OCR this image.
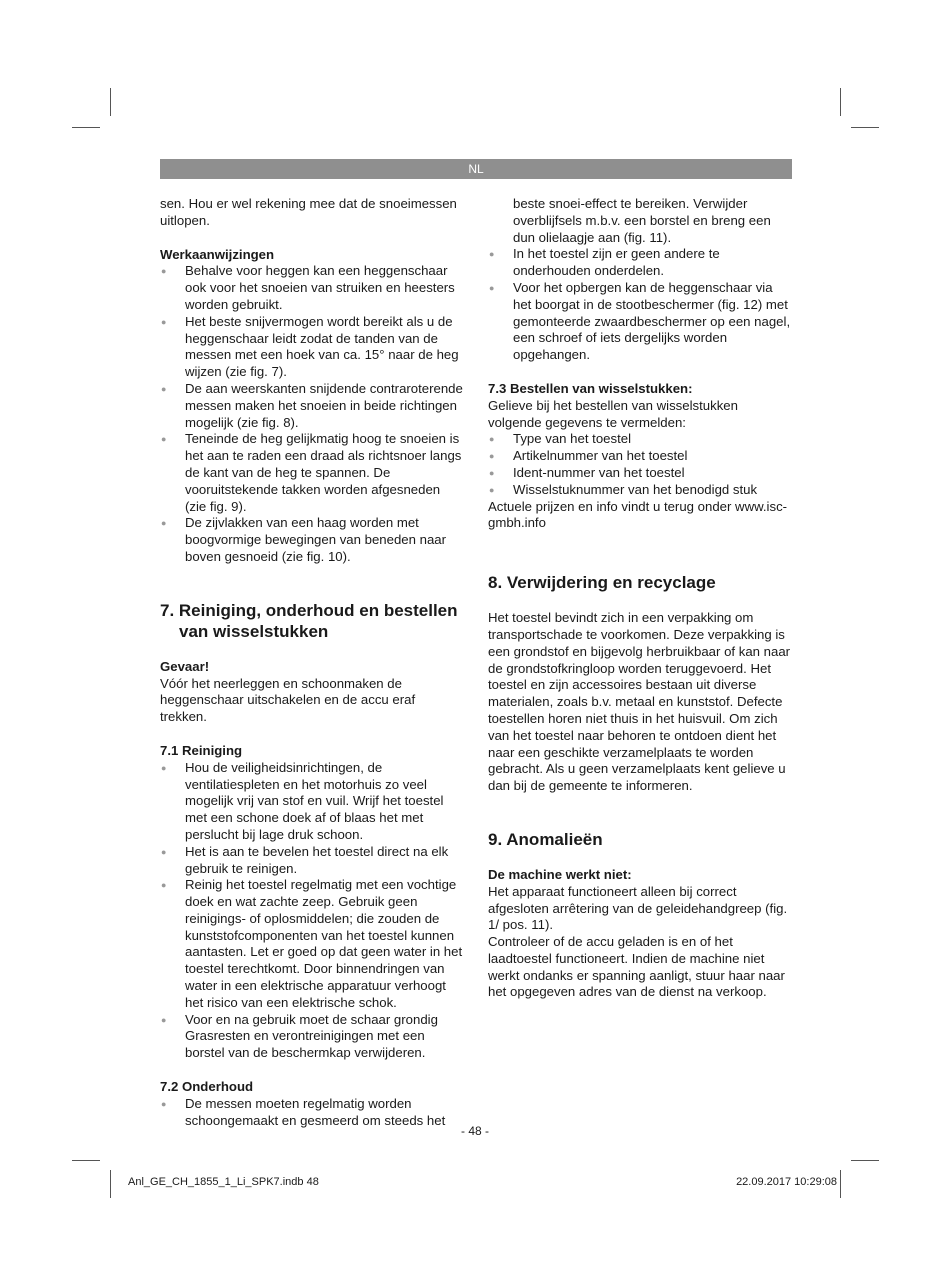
NL

sen. Hou er wel rekening mee dat de snoeimessen uitlopen.

Werkaanwijzingen

● Behalve voor heggen kan een heggenschaar ook voor het snoeien van struiken en heesters worden gebruikt.
● Het beste snijvermogen wordt bereikt als u de heggenschaar leidt zodat de tanden van de messen met een hoek van ca. 15° naar de heg wijzen (zie fig. 7).
● De aan weerskanten snijdende contraroterende messen maken het snoeien in beide richtingen mogelijk (zie fig. 8).
● Teneinde de heg gelijkmatig hoog te snoeien is het aan te raden een draad als richtsnoer langs de kant van de heg te spannen. De vooruitstekende takken worden afgesneden (zie fig. 9).
● De zijvlakken van een haag worden met boogvormige bewegingen van beneden naar boven gesnoeid (zie fig. 10).

7. Reiniging, onderhoud en bestellen van wisselstukken

Gevaar!

Vóór het neerleggen en schoonmaken de heggenschaar uitschakelen en de accu eraf trekken.

7.1 Reiniging

● Hou de veiligheidsinrichtingen, de ventilatiespleten en het motorhuis zo veel mogelijk vrij van stof en vuil. Wrijf het toestel met een schone doek af of blaas het met perslucht bij lage druk schoon.
● Het is aan te bevelen het toestel direct na elk gebruik te reinigen.
● Reinig het toestel regelmatig met een vochtige doek en wat zachte zeep. Gebruik geen reinigings- of oplosmiddelen; die zouden de kunststofcomponenten van het toestel kunnen aantasten. Let er goed op dat geen water in het toestel terechtkomt. Door binnendringen van water in een elektrische apparatuur verhoogt het risico van een elektrische schok.
● Voor en na gebruik moet de schaar grondig Grasresten en verontreinigingen met een borstel van de beschermkap verwijderen.

7.2 Onderhoud

● De messen moeten regelmatig worden schoongemaakt en gesmeerd om steeds het

beste snoei-effect te bereiken. Verwijder overblijfsels m.b.v. een borstel en breng een dun olielaagje aan (fig. 11).

● In het toestel zijn er geen andere te onderhouden onderdelen.
● Voor het opbergen kan de heggenschaar via het boorgat in de stootbeschermer (fig. 12) met gemonteerde zwaardbeschermer op een nagel, een schroef of iets dergelijks worden opgehangen.

7.3 Bestellen van wisselstukken:

Gelieve bij het bestellen van wisselstukken volgende gegevens te vermelden:

● Type van het toestel
● Artikelnummer van het toestel
● Ident-nummer van het toestel
● Wisselstuknummer van het benodigd stuk

Actuele prijzen en info vindt u terug onder www.isc-gmbh.info

8. Verwijdering en recyclage

Het toestel bevindt zich in een verpakking om transportschade te voorkomen. Deze verpakking is een grondstof en bijgevolg herbruikbaar of kan naar de grondstofkringloop worden teruggevoerd. Het toestel en zijn accessoires bestaan uit diverse materialen, zoals b.v. metaal en kunststof. Defecte toestellen horen niet thuis in het huisvuil. Om zich van het toestel naar behoren te ontdoen dient het naar een geschikte verzamelplaats te worden gebracht. Als u geen verzamelplaats kent gelieve u dan bij de gemeente te informeren.

9. Anomalieën

De machine werkt niet:

Het apparaat functioneert alleen bij correct afgesloten arrêtering van de geleidehandgreep (fig. 1/ pos. 11).

Controleer of de accu geladen is en of het laadtoestel functioneert. Indien de machine niet werkt ondanks er spanning aanligt, stuur haar naar het opgegeven adres van de dienst na verkoop.

- 48 -
Anl_GE_CH_1855_1_Li_SPK7.indb 48	22.09.2017 10:29:08
